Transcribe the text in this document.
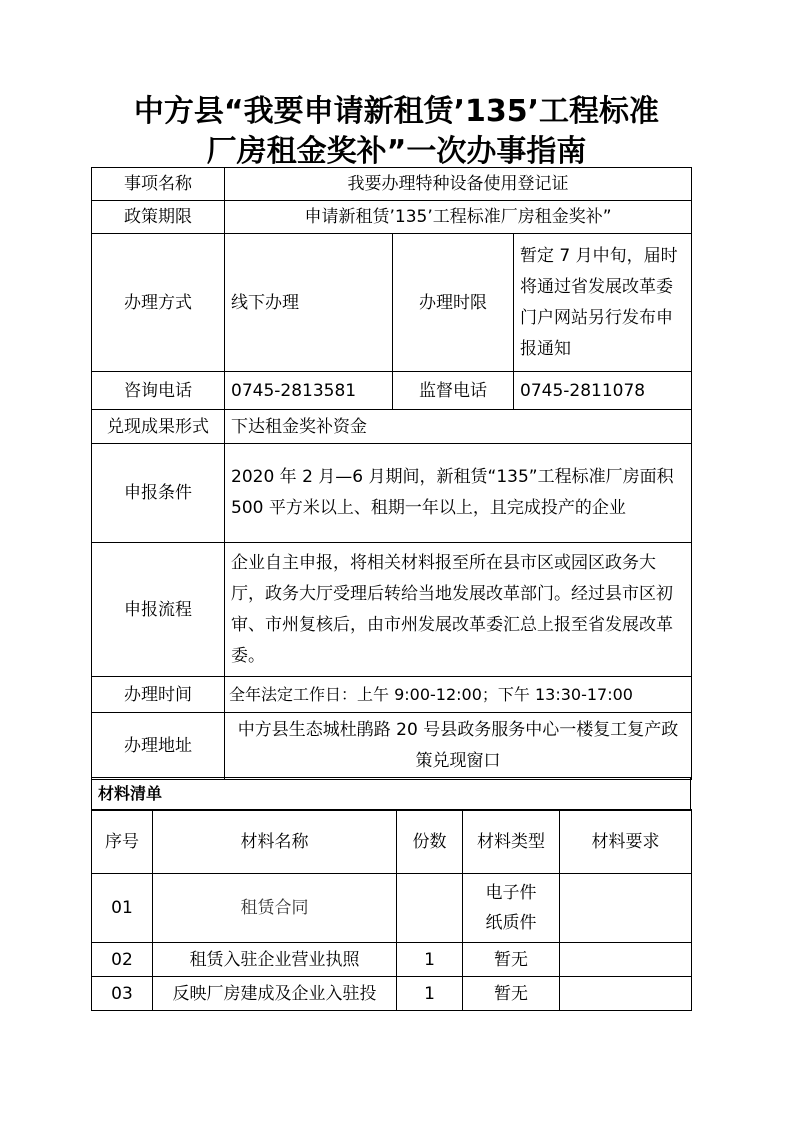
中方县“我要申请新租赁’135’工程标准
厂房租金奖补”一次办事指南
事项名称	我要办理特种设备使用登记证		
政策期限	申请新租赁’135’工程标准厂房租金奖补”		
办理方式	线下办理	办理时限	暂定 7 月中旬，届时将通过省发展改革委门户网站另行发布申报通知
咨询电话	0745-2813581	监督电话	0745-2811078
兑现成果形式	下达租金奖补资金		
申报条件	2020 年 2 月—6 月期间，新租赁“135”工程标准厂房面积 500 平方米以上、租期一年以上，且完成投产的企业		
申报流程	企业自主申报，将相关材料报至所在县市区或园区政务大厅，政务大厅受理后转给当地发展改革部门。经过县市区初审、市州复核后，由市州发展改革委汇总上报至省发展改革委。		
办理时间	全年法定工作日：上午 9:00-12:00；下午 13:30-17:00		
办理地址	中方县生态城杜鹃路 20 号县政务服务中心一楼复工复产政策兑现窗口		
材料清单
序号	材料名称	份数	材料类型	材料要求
01	租赁合同		电子件
纸质件	
02	租赁入驻企业营业执照	1	暂无	
03	反映厂房建成及企业入驻投	1	暂无	
